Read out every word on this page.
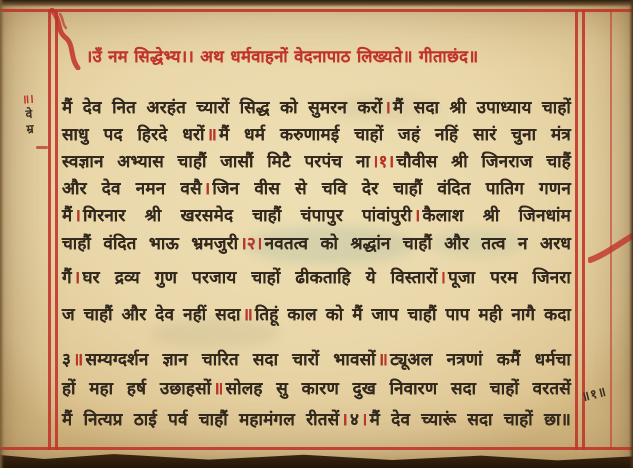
।उँ नम सिद्धेभ्य।। अथ धर्मवाहनों वेदनापाठ लिख्यते॥ गीताछंद॥
मैं देव नित अरहंत च्यारों सिद्ध को सुमरन करों । मैं सदा श्री उपाध्याय चाहों
साधु पद हिरदे धरों ॥ मैं धर्म करुणामई चाहों जहं नहिं सारं चुना मंत्र
स्वज्ञान अभ्यास चाहौं जासौं मिटै परपंच ना ।१। चौवीस श्री जिनराज चाहैं
और देव नमन वसै । जिन वीस से चवि देर चाहौं वंदित पातिग गणन
मैं । गिरनार श्री खरसमेद चाहौं चंपापुर पांवांपुरी । कैलाश श्री जिनधांम
चाहौं वंदित भाऊ भ्रमजुरी ।२। नवतत्व को श्रद्धांन चाहौं और तत्व न अरध
गैं । घर द्रव्य गुण परजाय चाहों ढीकताहि ये विस्तारों । पूजा परम जिनरा
ज चाहौं और देव नहीं सदा ॥ तिहूं काल को मैं जाप चाहौं पाप मही नागै कदा
३ ॥ सम्यग्दर्शन ज्ञान चारित सदा चारों भावसों ॥ ट्यूअल नत्रणां कमैं धर्मचा
हों महा हर्ष उछाहसों ॥ सोलह सु कारण दुख निवारण सदा चाहों वरतसें
मैं नित्यप्र ठाई पर्व चाहौं महामंगल रीतसें । ४ । मैं देव च्यारूं सदा चाहों छा॥
॥।
वे
म्र
॥१॥
